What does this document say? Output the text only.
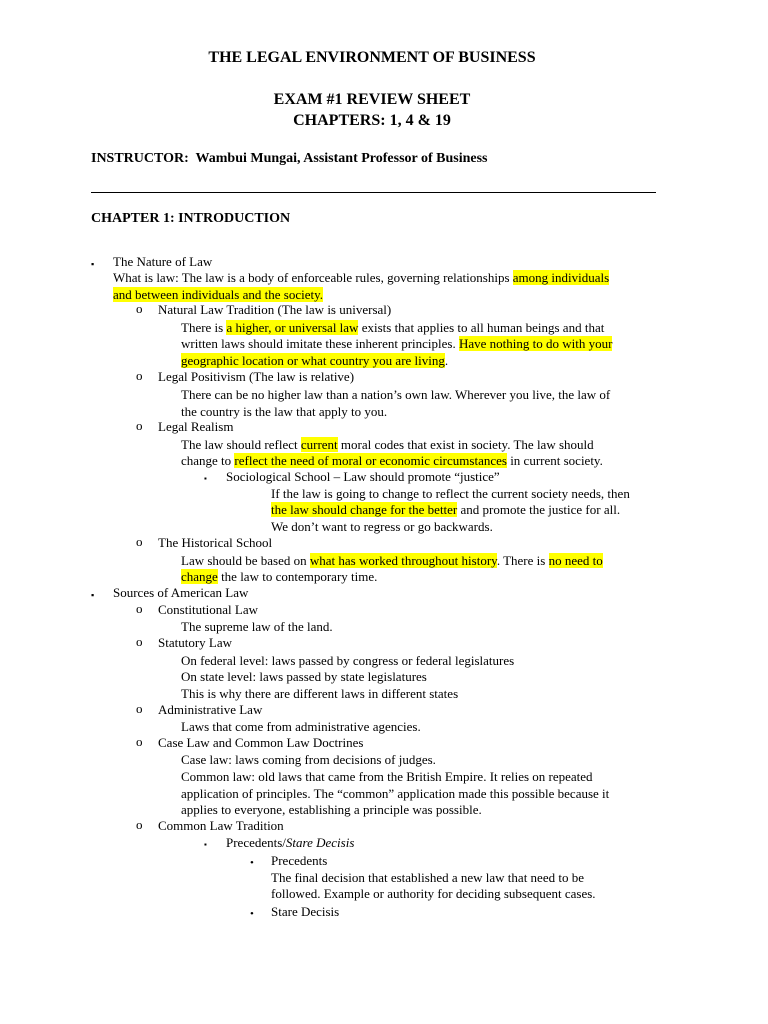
THE LEGAL ENVIRONMENT OF BUSINESS
EXAM #1 REVIEW SHEET
CHAPTERS: 1, 4 & 19
INSTRUCTOR: Wambui Mungai, Assistant Professor of Business
CHAPTER 1: INTRODUCTION
▪ The Nature of Law
What is law: The law is a body of enforceable rules, governing relationships among individuals
and between individuals and the society.
o Natural Law Tradition (The law is universal)
There is a higher, or universal law exists that applies to all human beings and that
written laws should imitate these inherent principles. Have nothing to do with your
geographic location or what country you are living.
o Legal Positivism (The law is relative)
There can be no higher law than a nation’s own law. Wherever you live, the law of
the country is the law that apply to you.
o Legal Realism
The law should reflect current moral codes that exist in society. The law should
change to reflect the need of moral or economic circumstances in current society.
▪ Sociological School – Law should promote “justice”
If the law is going to change to reflect the current society needs, then
the law should change for the better and promote the justice for all.
We don’t want to regress or go backwards.
o The Historical School
Law should be based on what has worked throughout history. There is no need to
change the law to contemporary time.
▪ Sources of American Law
o Constitutional Law
The supreme law of the land.
o Statutory Law
On federal level: laws passed by congress or federal legislatures
On state level: laws passed by state legislatures
This is why there are different laws in different states
o Administrative Law
Laws that come from administrative agencies.
o Case Law and Common Law Doctrines
Case law: laws coming from decisions of judges.
Common law: old laws that came from the British Empire. It relies on repeated
application of principles. The “common” application made this possible because it
applies to everyone, establishing a principle was possible.
o Common Law Tradition
▪ Precedents/Stare Decisis
• Precedents
The final decision that established a new law that need to be
followed. Example or authority for deciding subsequent cases.
• Stare Decisis
